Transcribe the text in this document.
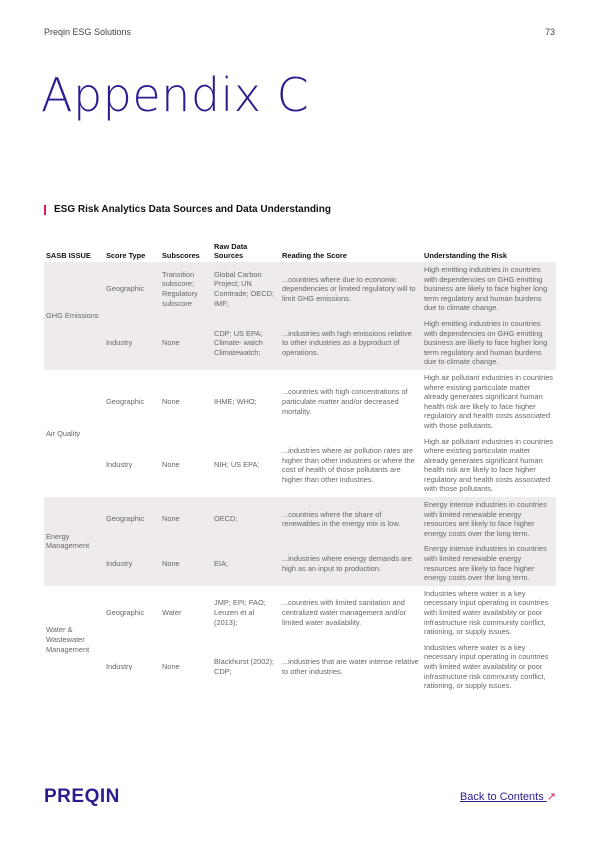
Preqin ESG Solutions	73
Appendix C
ESG Risk Analytics Data Sources and Data Understanding
SASB ISSUE	Score Type	Subscores	Raw Data Sources	Reading the Score	Understanding the Risk
GHG Emissions	Geographic	Transition subscore; Regulatory subscore	Global Carbon Project; UN Comtrade; OECD; IMF;	...countries where due to economic dependencies or limited regulatory will to limit GHG emissions.	High emitting industries in countries with dependencies on GHG emitting business are likely to face higher long term regulatory and human burdens due to climate change.
	Industry	None	CDP; US EPA; Climate- watch Climatewatch;	...industries with high emissions relative to other industries as a byproduct of operations.	High emitting industries in countries with dependencies on GHG emitting business are likely to face higher long term regulatory and human burdens due to climate change.
Air Quality	Geographic	None	IHME; WHO;	...countries with high concentrations of particulate matter and/or decreased mortality.	High air pollutant industries in countries where existing particulate matter already generates significant human health risk are likely to face higher regulatory and health costs associated with those pollutants.
	Industry	None	NIH; US EPA;	...industries where air pollution rates are higher than other industries or where the cost of health of those pollutants are higher than other industries.	High air pollutant industries in countries where existing particulate matter already generates significant human health risk are likely to face higher regulatory and health costs associated with those pollutants.
Energy Management	Geographic	None	OECD;	...countries where the share of renewables in the energy mix is low.	Energy intense industries in countries with limited renewable energy resources are likely to face higher energy costs over the long term.
	Industry	None	EIA;	...industries where energy demands are high as an input to production.	Energy intense industries in countries with limited renewable energy resources are likely to face higher energy costs over the long term.
Water & Wastewater Management	Geographic	Water	JMP; EPI; FAO; Lenzen et al (2013);	...countries with limited sanitation and centralized water management and/or limited water availability.	Industries where water is a key necessary input operating in countries with limited water availability or poor infrastructure risk community conflict, rationing, or supply issues.
	Industry	None	Blackhurst (2002); CDP;	...industries that are water intense relative to other industries.	Industries where water is a key necessary input operating in countries with limited water availability or poor infrastructure risk community conflict, rationing, or supply issues.
PREQIN	Back to Contents ↗
